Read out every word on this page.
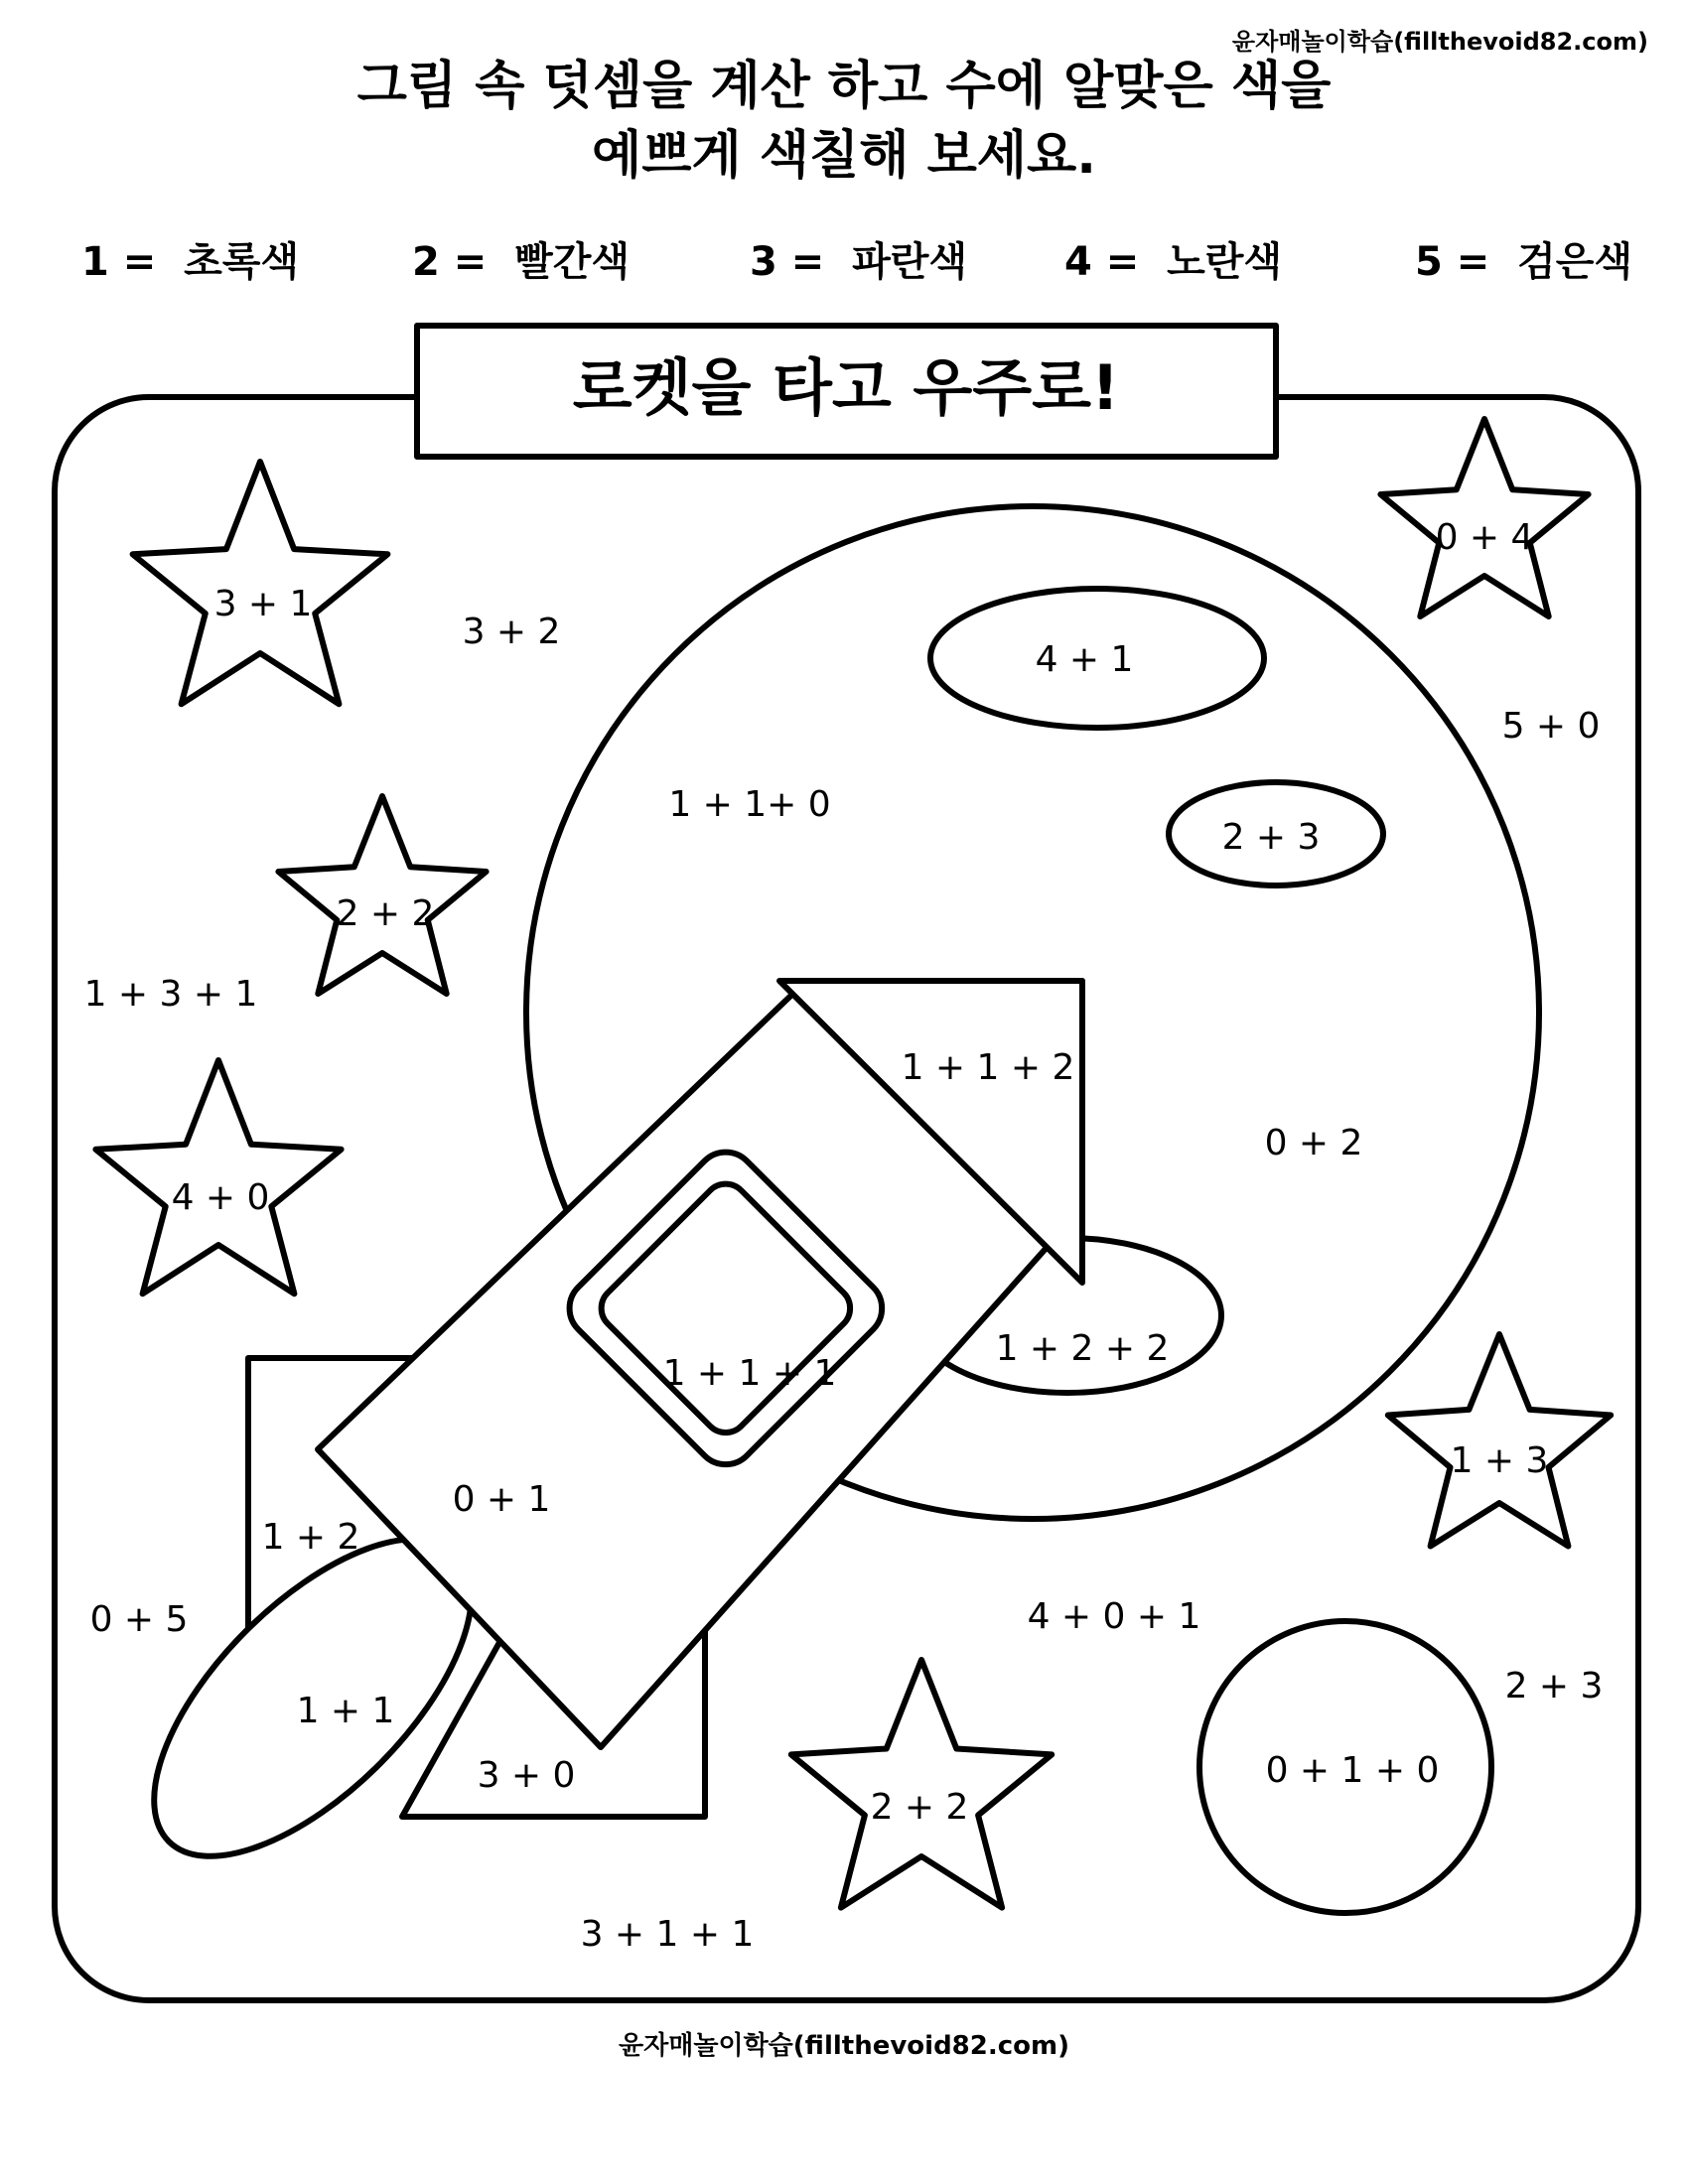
윤자매놀이학습(fillthevoid82.com)
그림 속 덧셈을 계산 하고 수에 알맞은 색을
예쁘게 색칠해 보세요.
1 =  초록색	2 =  빨간색	3 =  파란색 4 =  노란색	5 =  검은색
로켓을 타고 우주로!
3 + 1
2 + 2
4 + 0
0 + 4
1 + 3
2 + 2
1 + 1+ 0
4 + 1
2 + 3
1 + 2 + 2
0 + 2
1 + 1 + 2
1 + 1 + 1
0 + 1
1 + 2
3 + 0
1 + 1
0 + 1 + 0
3 + 2
5 + 0
1 + 3 + 1
0 + 5	4 + 0 + 1
2 + 3
3 + 1 + 1
윤자매놀이학습(fillthevoid82.com)
